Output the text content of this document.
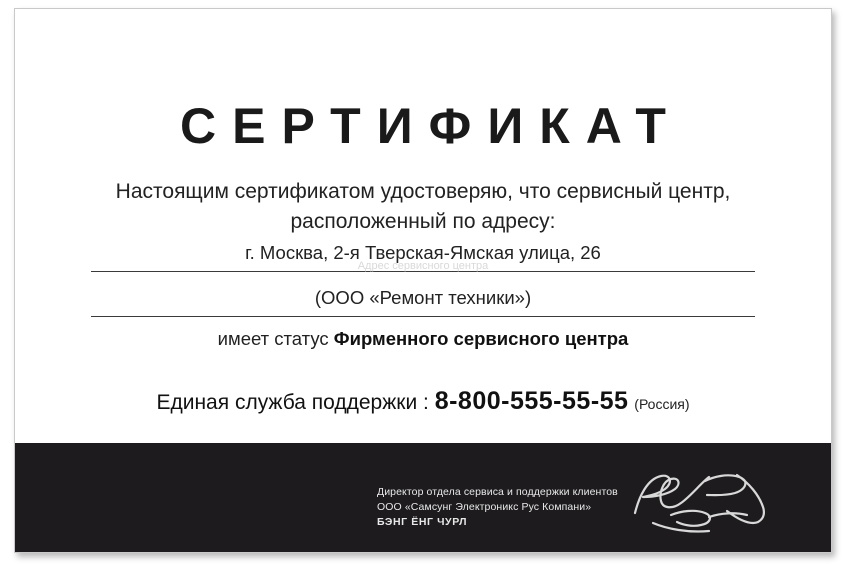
СЕРТИФИКАТ
Настоящим сертификатом удостоверяю, что сервисный центр,
расположенный по адресу:
г. Москва, 2-я Тверская-Ямская улица, 26
Адрес сервисного центра
(ООО «Ремонт техники»)
имеет статус Фирменного сервисного центра
Единая служба поддержки : 8-800-555-55-55 (Россия)
Директор отдела сервиса и поддержки клиентов
ООО «Самсунг Электроникс Рус Компани»
БЭНГ ЁНГ ЧУРЛ
